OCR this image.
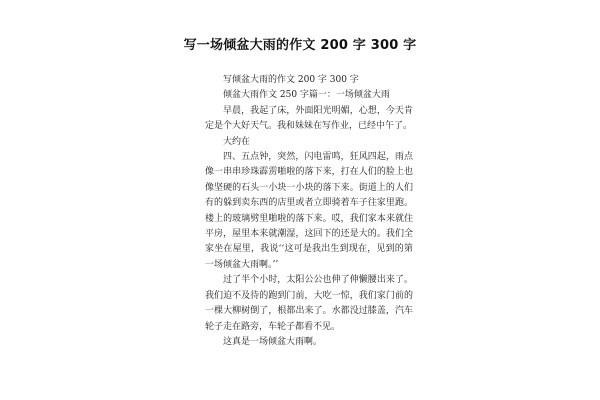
写一场倾盆大雨的作文 200 字 300 字

写倾盆大雨的作文 200 字 300 字

倾盆大雨作文 250 字篇一：一场倾盆大雨

早晨，我起了床，外面阳光明媚，心想，今天肯定是个大好天气。我和妹妹在写作业，已经中午了。

大约在

四、五点钟，突然，闪电雷鸣，狂风四起，雨点像一串串珍珠霹雳啪啦的落下来，打在人们的脸上也像坚硬的石头一小块一小块的落下来。街道上的人们有的躲到卖东西的店里或者立即骑着车子往家里跑。楼上的玻璃劈里啪啦的落下来。哎，我们家本来就住平房，屋里本来就潮湿，这回下的还是大的。我们全家坐在屋里，我说‘‘这可是我出生到现在，见到的第一场倾盆大雨啊。’’

过了半个小时，太阳公公也伸了伸懒腰出来了。我们迫不及待的跑到门前，大吃一惊，我们家门前的一棵大柳树倒了，根都出来了。水都没过膝盖，汽车轮子走在路旁，车轮子都看不见。

这真是一场倾盆大雨啊。
